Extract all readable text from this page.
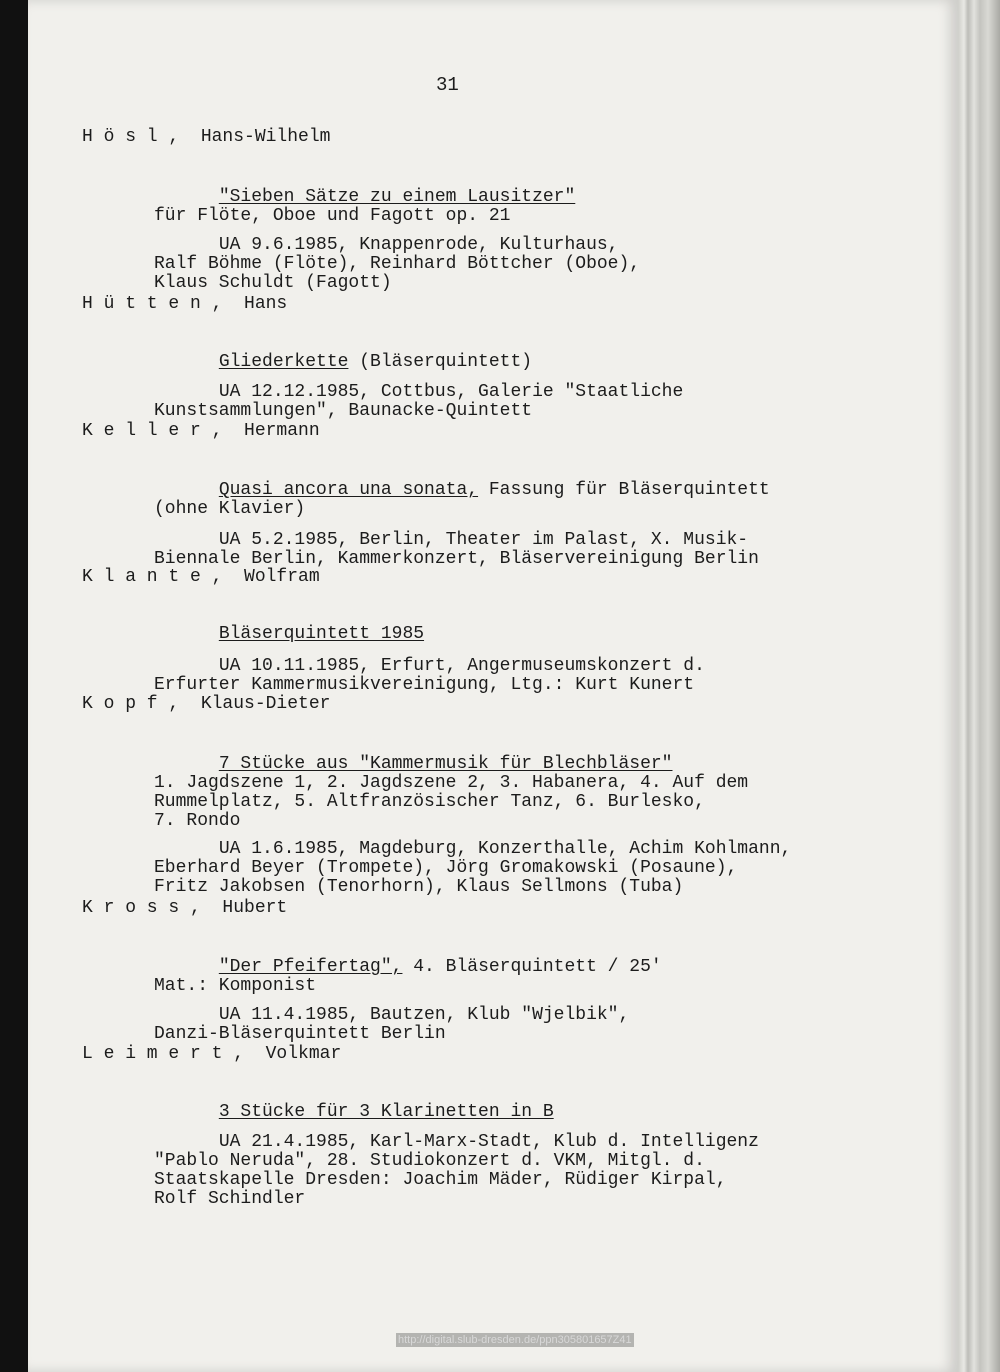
31

H ö s l ,  Hans-Wilhelm

"Sieben Sätze zu einem Lausitzer"
für Flöte, Oboe und Fagott op. 21

UA 9.6.1985, Knappenrode, Kulturhaus,
Ralf Böhme (Flöte), Reinhard Böttcher (Oboe),
Klaus Schuldt (Fagott)

H ü t t e n ,  Hans

Gliederkette (Bläserquintett)

UA 12.12.1985, Cottbus, Galerie "Staatliche
Kunstsammlungen", Baunacke-Quintett

K e l l e r ,  Hermann

Quasi ancora una sonata, Fassung für Bläserquintett
(ohne Klavier)

UA 5.2.1985, Berlin, Theater im Palast, X. Musik-
Biennale Berlin, Kammerkonzert, Bläservereinigung Berlin

K l a n t e ,  Wolfram

Bläserquintett 1985

UA 10.11.1985, Erfurt, Angermuseumskonzert d.
Erfurter Kammermusikvereinigung, Ltg.: Kurt Kunert

K o p f ,  Klaus-Dieter

7 Stücke aus "Kammermusik für Blechbläser"
1. Jagdszene 1, 2. Jagdszene 2, 3. Habanera, 4. Auf dem
Rummelplatz, 5. Altfranzösischer Tanz, 6. Burlesko,
7. Rondo

UA 1.6.1985, Magdeburg, Konzerthalle, Achim Kohlmann,
Eberhard Beyer (Trompete), Jörg Gromakowski (Posaune),
Fritz Jakobsen (Tenorhorn), Klaus Sellmons (Tuba)

K r o s s ,  Hubert

"Der Pfeifertag", 4. Bläserquintett / 25'
Mat.: Komponist

UA 11.4.1985, Bautzen, Klub "Wjelbik",
Danzi-Bläserquintett Berlin

L e i m e r t ,  Volkmar

3 Stücke für 3 Klarinetten in B

UA 21.4.1985, Karl-Marx-Stadt, Klub d. Intelligenz
"Pablo Neruda", 28. Studiokonzert d. VKM, Mitgl. d.
Staatskapelle Dresden: Joachim Mäder, Rüdiger Kirpal,
Rolf Schindler

http://digital.slub-dresden.de/ppn305801657Z41
